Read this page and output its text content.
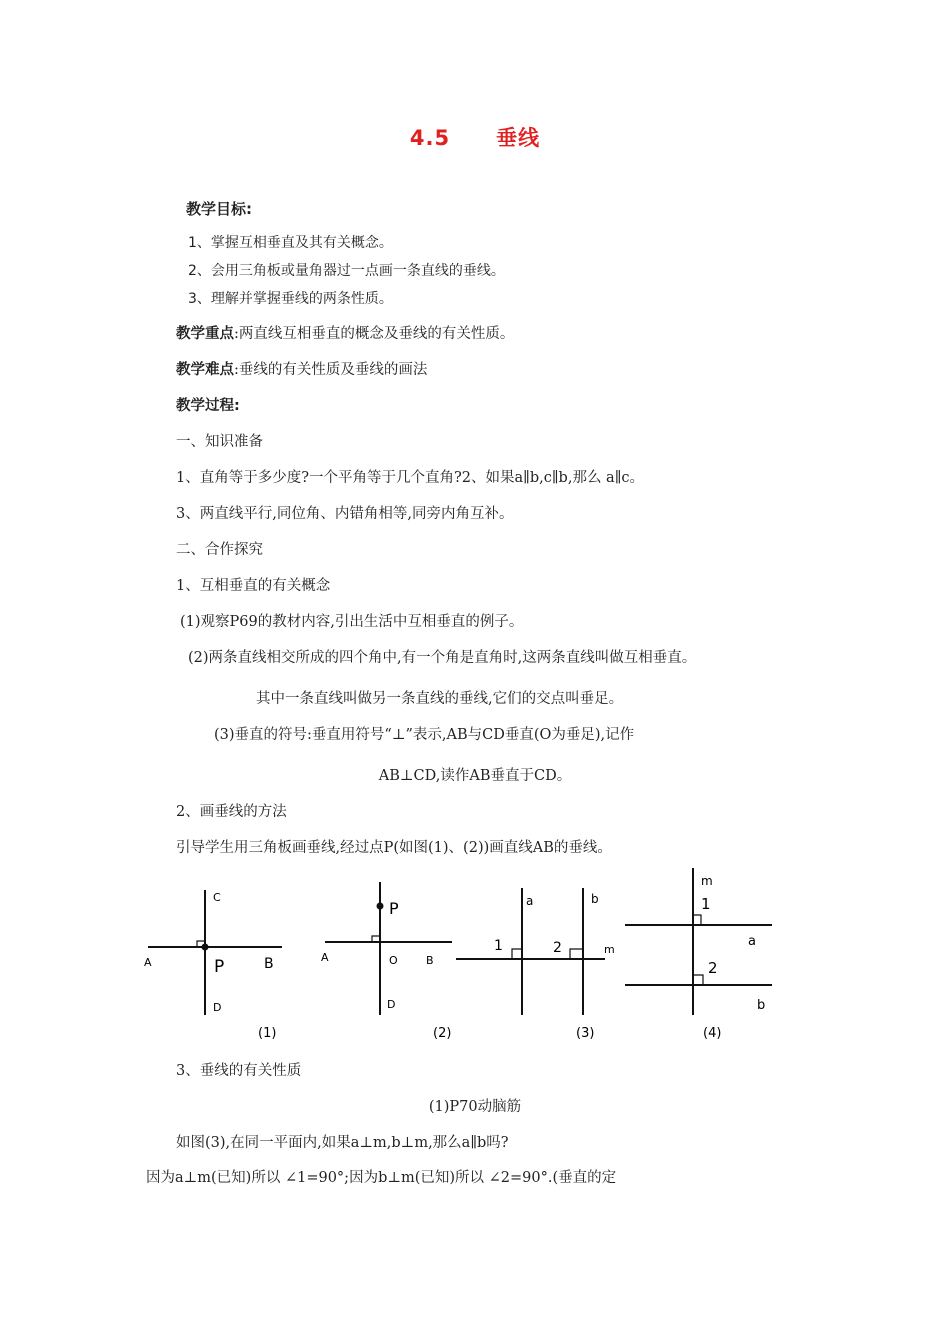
4.5 垂线
教学目标:
1、掌握互相垂直及其有关概念。
2、会用三角板或量角器过一点画一条直线的垂线。
3、理解并掌握垂线的两条性质。
教学重点:两直线互相垂直的概念及垂线的有关性质。
教学难点:垂线的有关性质及垂线的画法
教学过程:
一、知识准备
1、直角等于多少度?一个平角等于几个直角?2、如果a∥b,c∥b,那么 a∥c。
3、两直线平行,同位角、内错角相等,同旁内角互补。
二、合作探究
1、互相垂直的有关概念
(1)观察P69的教材内容,引出生活中互相垂直的例子。
(2)两条直线相交所成的四个角中,有一个角是直角时,这两条直线叫做互相垂直。
其中一条直线叫做另一条直线的垂线,它们的交点叫垂足。
(3)垂直的符号:垂直用符号“⊥”表示,AB与CD垂直(O为垂足),记作
AB⊥CD,读作AB垂直于CD。
2、画垂线的方法
引导学生用三角板画垂线,经过点P(如图(1)、(2))画直线AB的垂线。
C
A	P	B
D
(1)
P
A	O	B
D
(2)
a	b
1	2	m
(3)
m
1
a
2
b
(4)
3、垂线的有关性质
(1)P70动脑筋
如图(3),在同一平面内,如果a⊥m,b⊥m,那么a∥b吗?
因为a⊥m(已知)所以 ∠1=90°;因为b⊥m(已知)所以 ∠2=90°.(垂直的定
